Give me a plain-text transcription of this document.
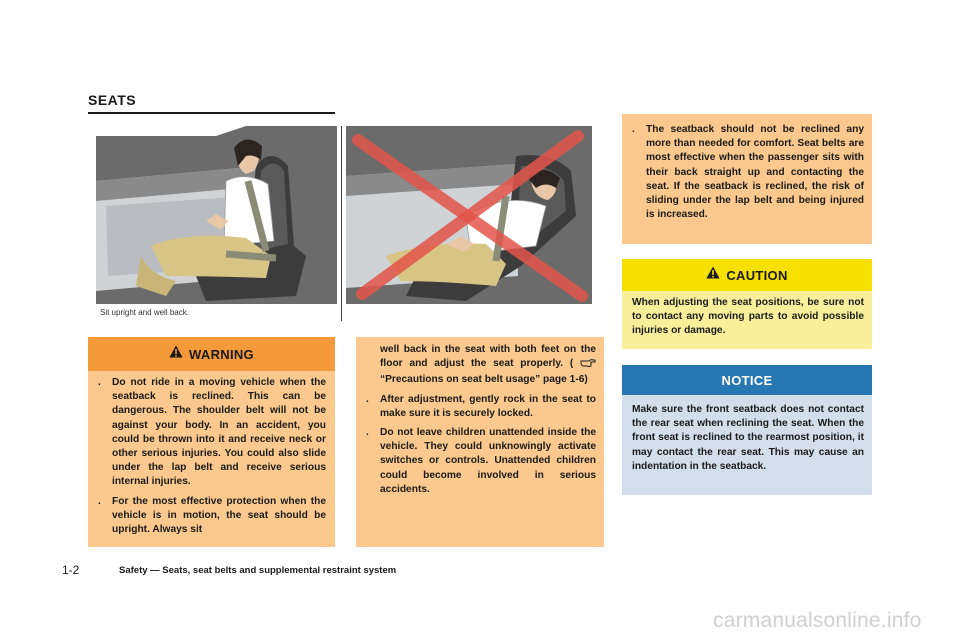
SEATS
Sit upright and well back.
WARNING
.	Do not ride in a moving vehicle when the seatback is reclined. This can be dangerous. The shoulder belt will not be against your body. In an accident, you could be thrown into it and receive neck or other serious injuries. You could also slide under the lap belt and receive serious internal injuries.
.	For the most effective protection when the vehicle is in motion, the seat should be upright. Always sit
well back in the seat with both feet on the floor and adjust the seat properly. (  “Precautions on seat belt usage” page 1-6)
.	After adjustment, gently rock in the seat to make sure it is securely locked.
.	Do not leave children unattended inside the vehicle. They could unknowingly activate switches or controls. Unattended children could become involved in serious accidents.
.	The seatback should not be reclined any more than needed for comfort. Seat belts are most effective when the passenger sits with their back straight up and contacting the seat. If the seatback is reclined, the risk of sliding under the lap belt and being injured is increased.
CAUTION
When adjusting the seat positions, be sure not to contact any moving parts to avoid possible injuries or damage.
NOTICE
Make sure the front seatback does not contact the rear seat when reclining the seat. When the front seat is reclined to the rearmost position, it may contact the rear seat. This may cause an indentation in the seatback.
1-2	Safety — Seats, seat belts and supplemental restraint system
carmanualsonline.info
